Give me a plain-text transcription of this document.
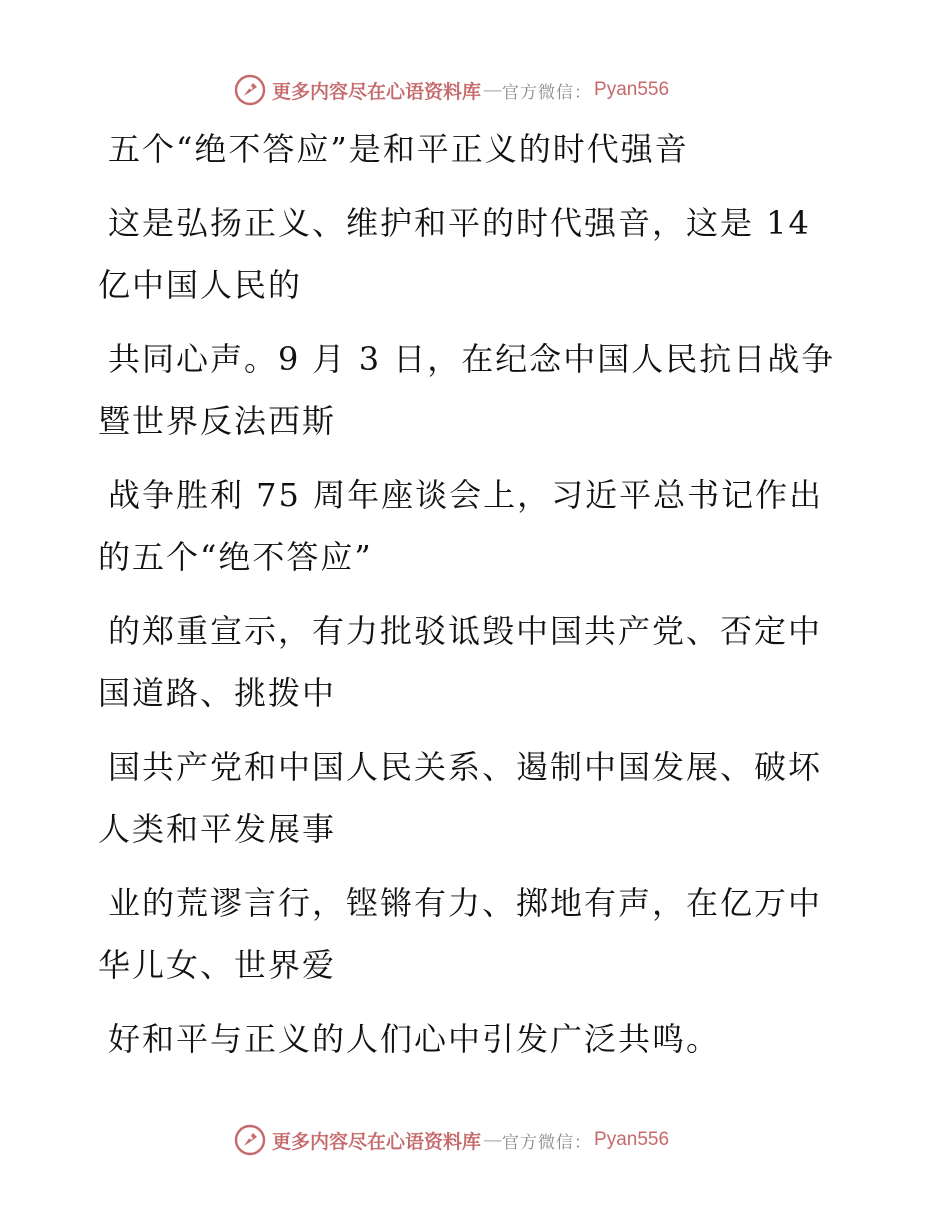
更多内容尽在心语资料库 — 官方微信： Pyan556

五个“绝不答应”是和平正义的时代强音

这是弘扬正义、维护和平的时代强音，这是 14 亿中国人民的

共同心声。9 月 3 日，在纪念中国人民抗日战争暨世界反法西斯

战争胜利 75 周年座谈会上，习近平总书记作出的五个“绝不答应”

的郑重宣示，有力批驳诋毁中国共产党、否定中国道路、挑拨中

国共产党和中国人民关系、遏制中国发展、破坏人类和平发展事

业的荒谬言行，铿锵有力、掷地有声，在亿万中华儿女、世界爱

好和平与正义的人们心中引发广泛共鸣。

更多内容尽在心语资料库 — 官方微信： Pyan556
